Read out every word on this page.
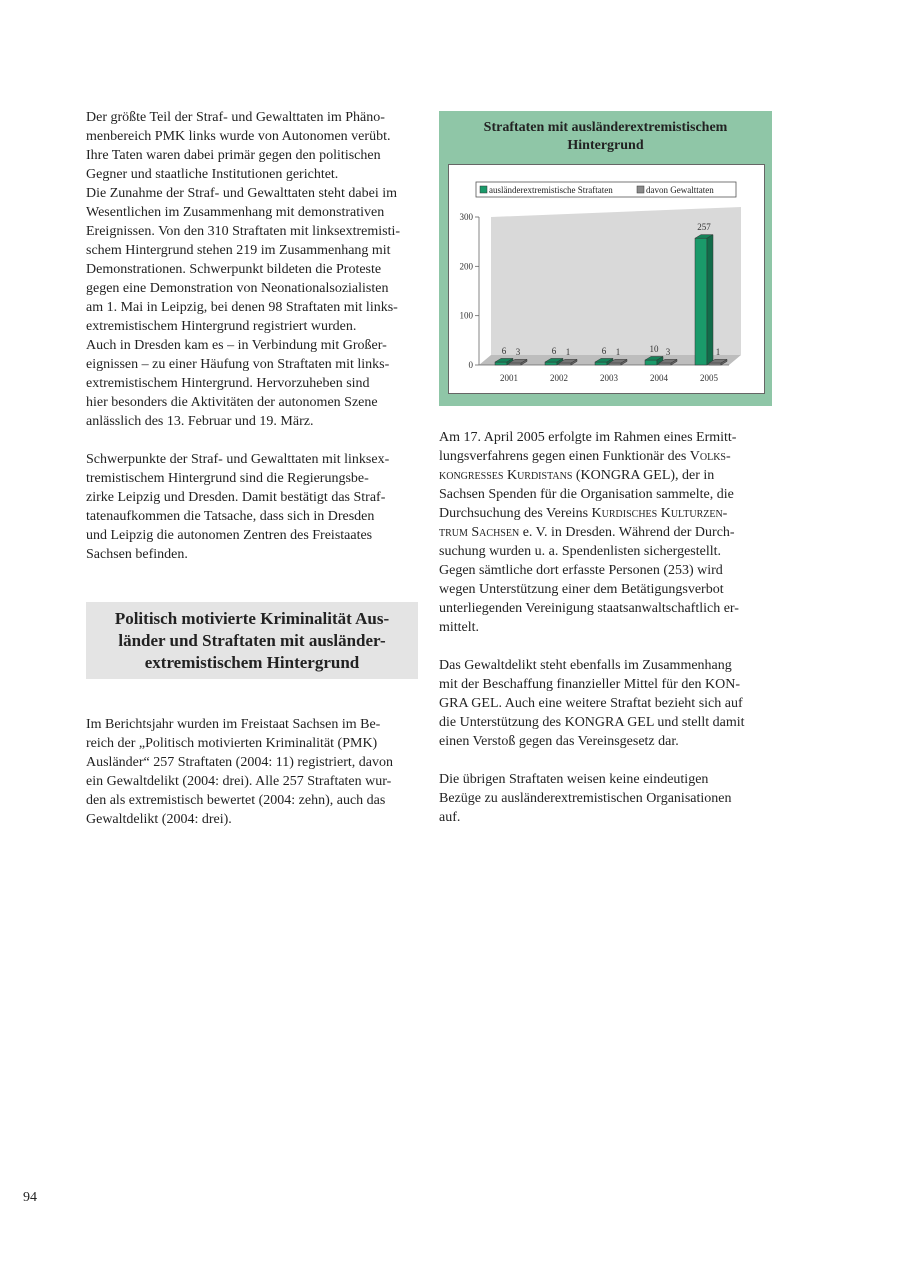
Der größte Teil der Straf- und Gewalttaten im Phäno-
menbereich PMK links wurde von Autonomen verübt.
Ihre Taten waren dabei primär gegen den politischen
Gegner und staatliche Institutionen gerichtet.
Die Zunahme der Straf- und Gewalttaten steht dabei im
Wesentlichen im Zusammenhang mit demonstrativen
Ereignissen. Von den 310 Straftaten mit linksextremisti-
schem Hintergrund stehen 219 im Zusammenhang mit
Demonstrationen. Schwerpunkt bildeten die Proteste
gegen eine Demonstration von Neonationalsozialisten
am 1. Mai in Leipzig, bei denen 98 Straftaten mit links-
extremistischem Hintergrund registriert wurden.
Auch in Dresden kam es – in Verbindung mit Großer-
eignissen – zu einer Häufung von Straftaten mit links-
extremistischem Hintergrund. Hervorzuheben sind
hier besonders die Aktivitäten der autonomen Szene
anlässlich des 13. Februar und 19. März.

Schwerpunkte der Straf- und Gewalttaten mit linksex-
tremistischem Hintergrund sind die Regierungsbe-
zirke Leipzig und Dresden. Damit bestätigt das Straf-
tatenaufkommen die Tatsache, dass sich in Dresden
und Leipzig die autonomen Zentren des Freistaates
Sachsen befinden.

Politisch motivierte Kriminalität Aus-
länder und Straftaten mit ausländer-
extremistischem Hintergrund

Im Berichtsjahr wurden im Freistaat Sachsen im Be-
reich der „Politisch motivierten Kriminalität (PMK)
Ausländer“ 257 Straftaten (2004: 11) registriert, davon
ein Gewaltdelikt (2004: drei). Alle 257 Straftaten wur-
den als extremistisch bewertet (2004: zehn), auch das
Gewaltdelikt (2004: drei).

Straftaten mit ausländerextremistischem
Hintergrund
ausländerextremistische Straftaten	davon Gewalttaten
0
100
200
300
6 3
2001
6 1
2002
6 1
2003
10 3
2004
257
1
2005

Am 17. April 2005 erfolgte im Rahmen eines Ermitt-
lungsverfahrens gegen einen Funktionär des Volks-
kongresses Kurdistans (KONGRA GEL), der in
Sachsen Spenden für die Organisation sammelte, die
Durchsuchung des Vereins Kurdisches Kulturzen-
trum Sachsen e. V. in Dresden. Während der Durch-
suchung wurden u. a. Spendenlisten sichergestellt.
Gegen sämtliche dort erfasste Personen (253) wird
wegen Unterstützung einer dem Betätigungsverbot
unterliegenden Vereinigung staatsanwaltschaftlich er-
mittelt.

Das Gewaltdelikt steht ebenfalls im Zusammenhang
mit der Beschaffung finanzieller Mittel für den KON-
GRA GEL. Auch eine weitere Straftat bezieht sich auf
die Unterstützung des KONGRA GEL und stellt damit
einen Verstoß gegen das Vereinsgesetz dar.

Die übrigen Straftaten weisen keine eindeutigen
Bezüge zu ausländerextremistischen Organisationen
auf.

94
